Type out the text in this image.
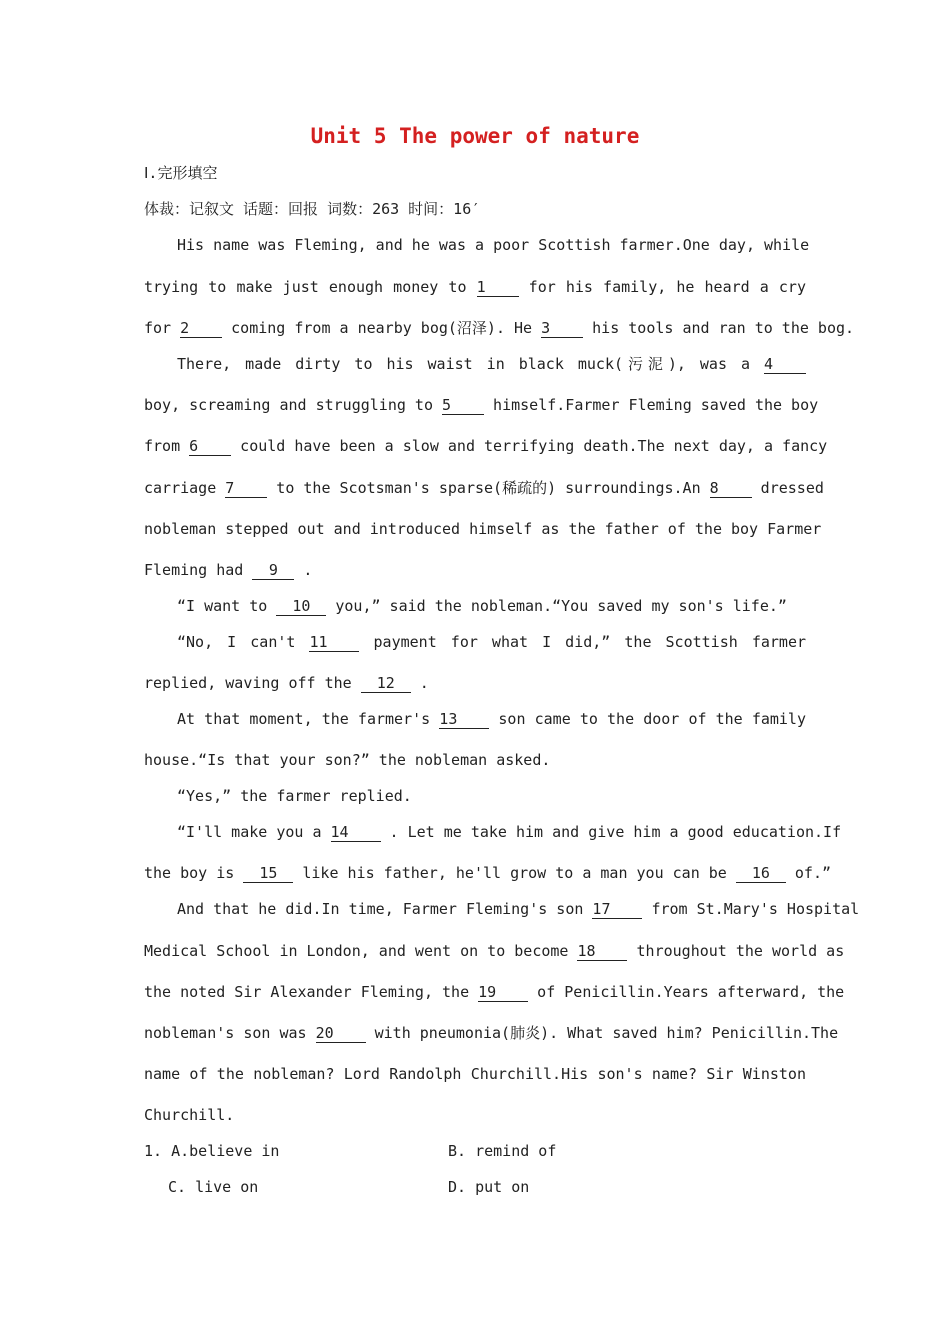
Unit 5 The power of nature
Ⅰ.完形填空
体裁：记叙文 话题：回报 词数：263 时间：16′
His name was Fleming, and he was a poor Scottish farmer.One day, while
trying to make just enough money to 1 for his family, he heard a cry
for 2 coming from a nearby bog(沼泽). He 3 his tools and ran to the bog.
There, made dirty to his waist in black muck(污泥), was a 4
boy, screaming and struggling to 5 himself.Farmer Fleming saved the boy
from 6 could have been a slow and terrifying death.The next day, a fancy
carriage 7 to the Scotsman's sparse(稀疏的) surroundings.An 8 dressed
nobleman stepped out and introduced himself as the father of the boy Farmer
Fleming had 9 .
“I want to 10 you,” said the nobleman.“You saved my son's life.”
“No, I can't 11 payment for what I did,” the Scottish farmer
replied, waving off the 12 .
At that moment, the farmer's 13 son came to the door of the family
house.“Is that your son?” the nobleman asked.
“Yes,” the farmer replied.
“I'll make you a 14 . Let me take him and give him a good education.If
the boy is 15 like his father, he'll grow to a man you can be 16 of.”
And that he did.In time, Farmer Fleming's son 17 from St.Mary's Hospital
Medical School in London, and went on to become 18 throughout the world as
the noted Sir Alexander Fleming, the 19 of Penicillin.Years afterward, the
nobleman's son was 20 with pneumonia(肺炎). What saved him? Penicillin.The
name of the nobleman? Lord Randolph Churchill.His son's name? Sir Winston
Churchill.
1. A.believe in	B. remind of
C. live on	D. put on
